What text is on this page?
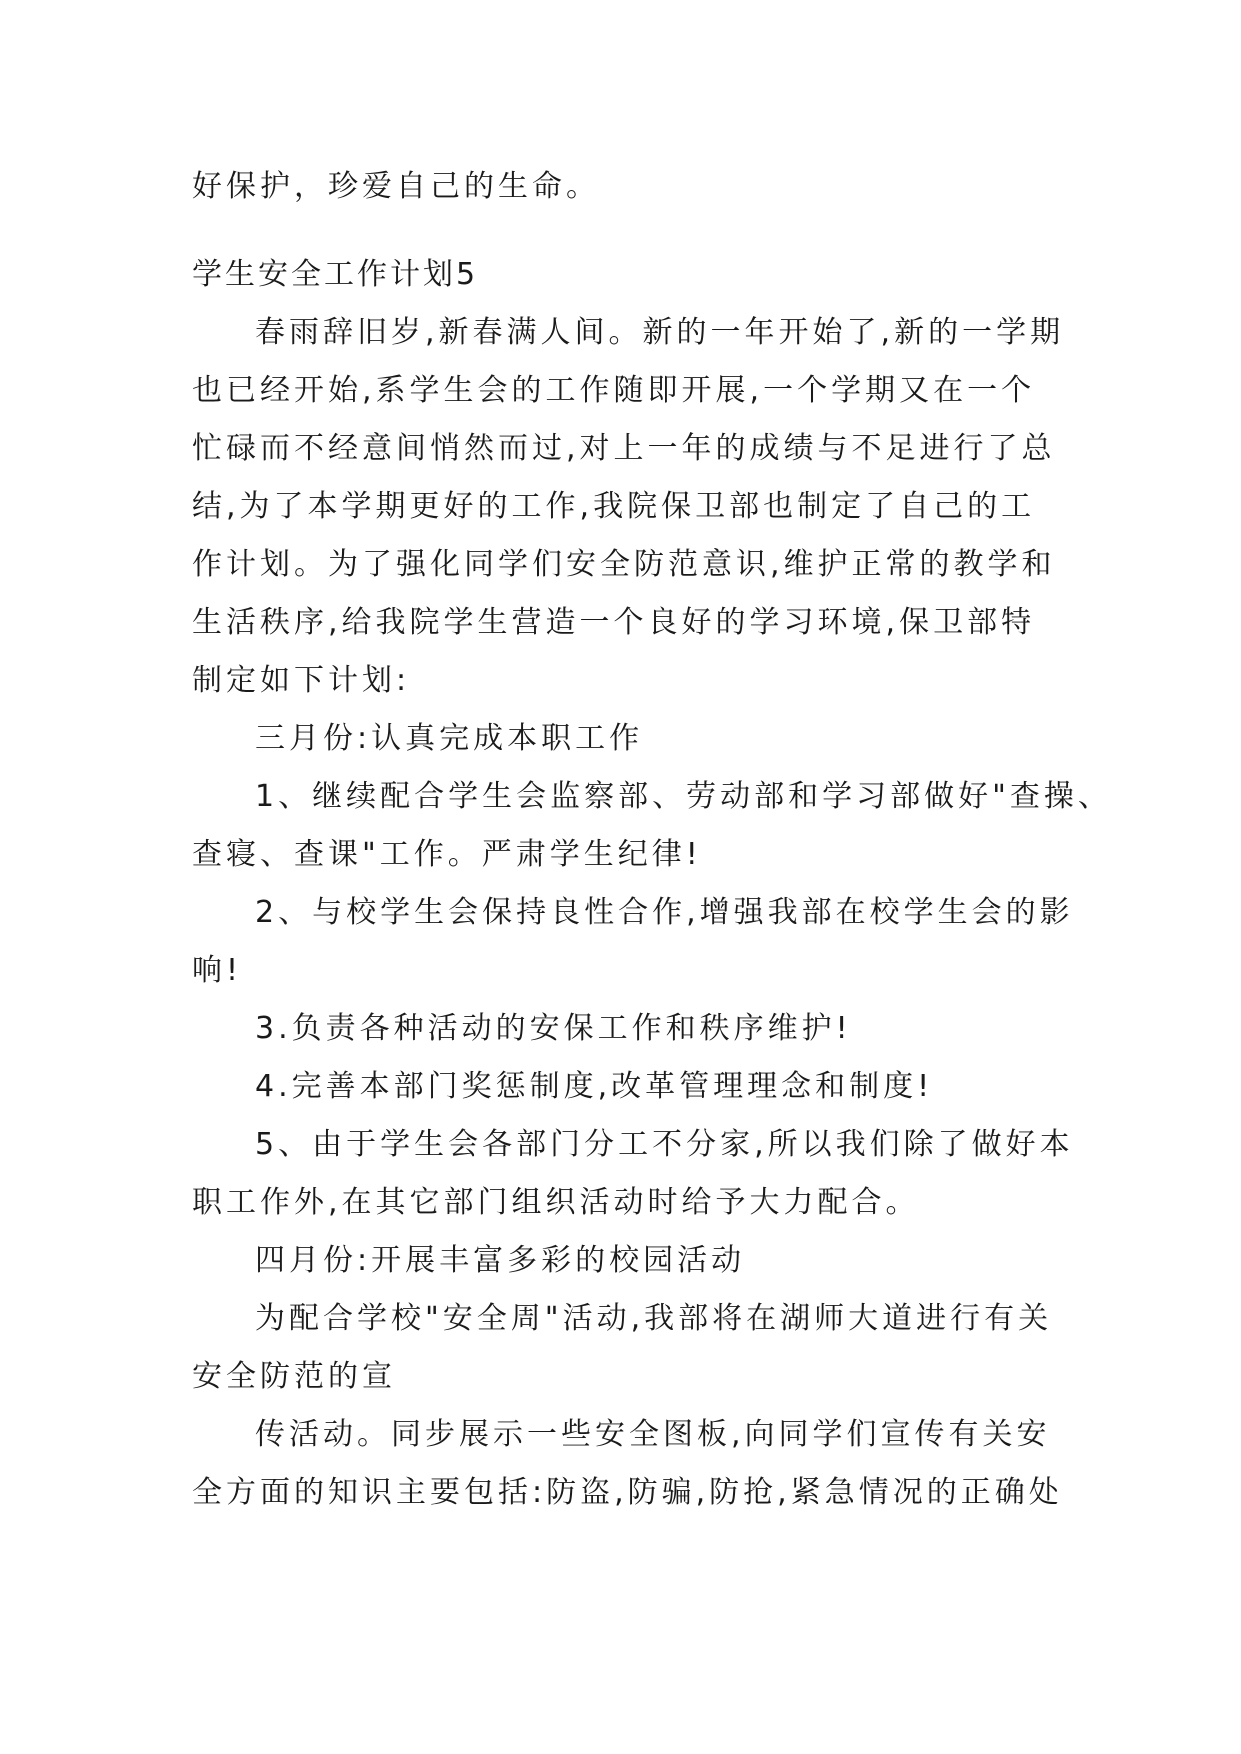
好保护，珍爱自己的生命。
学生安全工作计划5
春雨辞旧岁,新春满人间。新的一年开始了,新的一学期
也已经开始,系学生会的工作随即开展,一个学期又在一个
忙碌而不经意间悄然而过,对上一年的成绩与不足进行了总
结,为了本学期更好的工作,我院保卫部也制定了自己的工
作计划。为了强化同学们安全防范意识,维护正常的教学和
生活秩序,给我院学生营造一个良好的学习环境,保卫部特
制定如下计划:
三月份:认真完成本职工作
1、继续配合学生会监察部、劳动部和学习部做好"查操、
查寝、查课"工作。严肃学生纪律!
2、与校学生会保持良性合作,增强我部在校学生会的影
响!
3.负责各种活动的安保工作和秩序维护!
4.完善本部门奖惩制度,改革管理理念和制度!
5、由于学生会各部门分工不分家,所以我们除了做好本
职工作外,在其它部门组织活动时给予大力配合。
四月份:开展丰富多彩的校园活动
为配合学校"安全周"活动,我部将在湖师大道进行有关
安全防范的宣
传活动。同步展示一些安全图板,向同学们宣传有关安
全方面的知识主要包括:防盗,防骗,防抢,紧急情况的正确处
